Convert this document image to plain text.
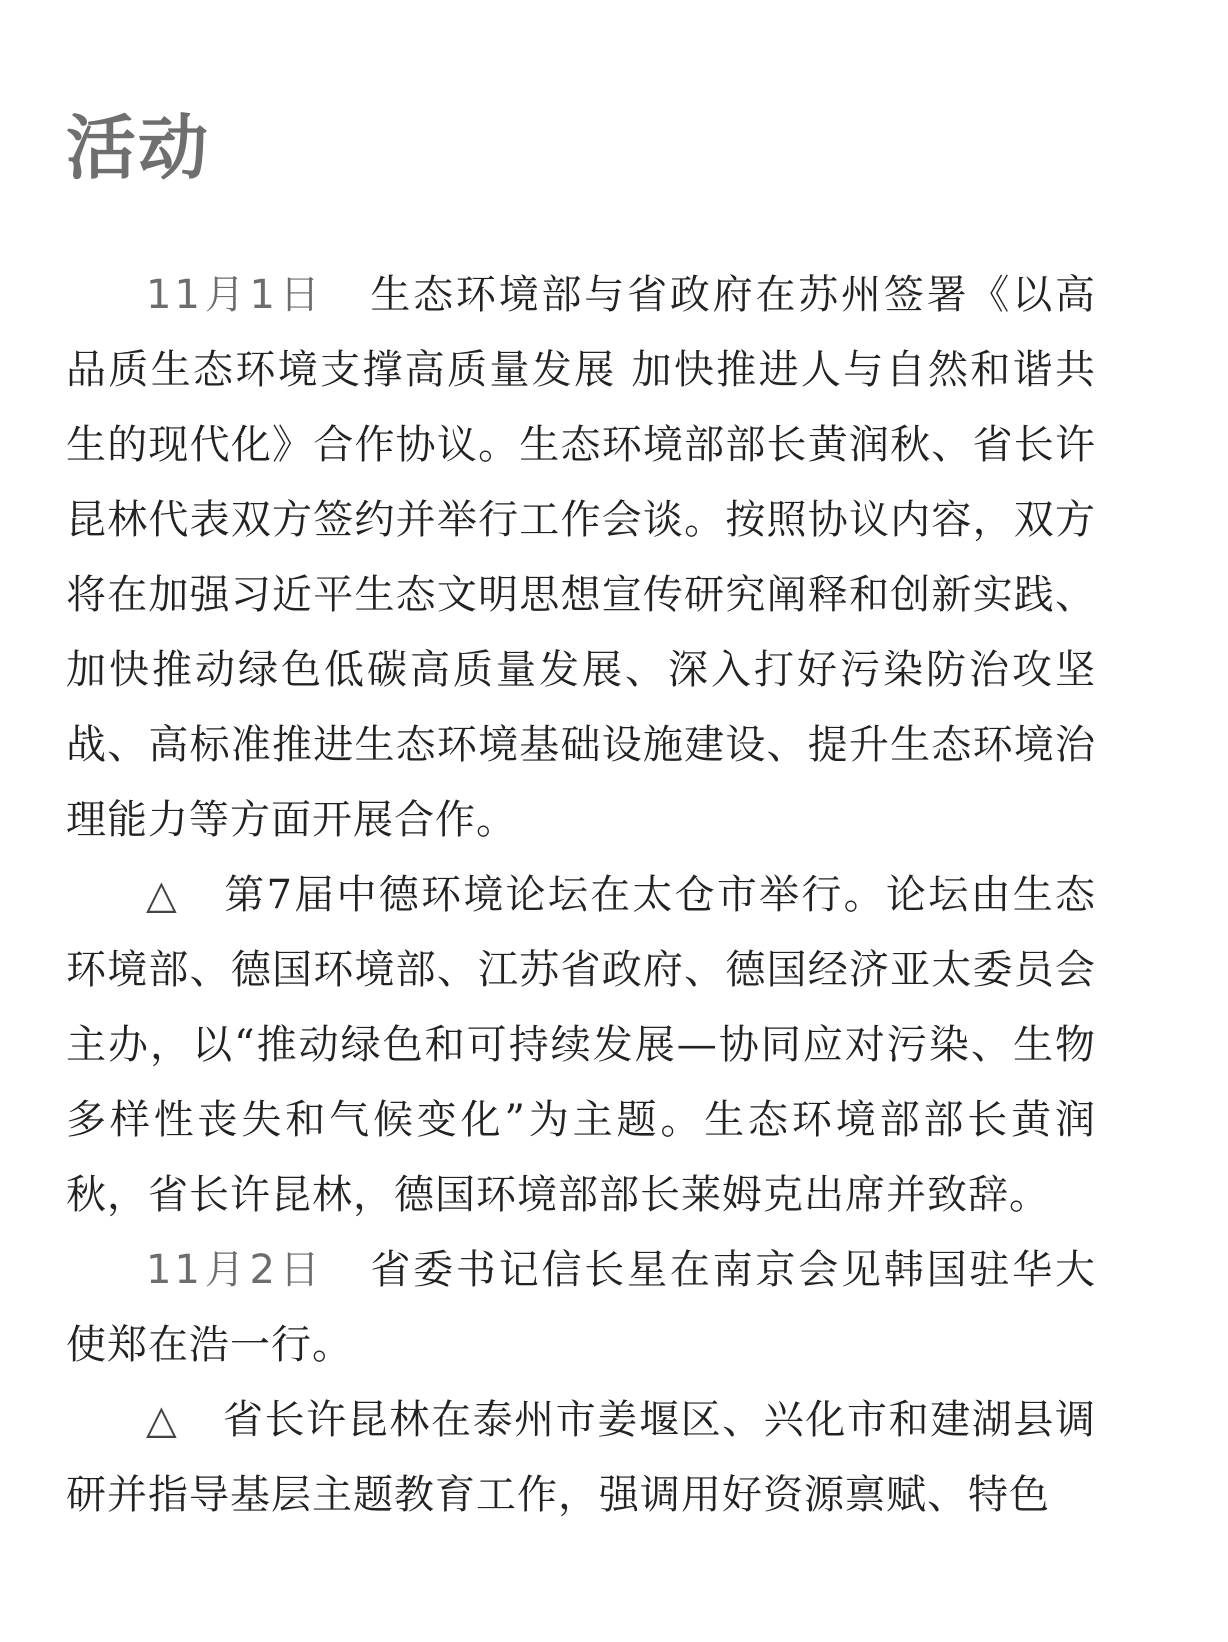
活动

11月1日 生态环境部与省政府在苏州签署《以高品质生态环境支撑高质量发展 加快推进人与自然和谐共生的现代化》合作协议。生态环境部部长黄润秋、省长许昆林代表双方签约并举行工作会谈。按照协议内容，双方将在加强习近平生态文明思想宣传研究阐释和创新实践、加快推动绿色低碳高质量发展、深入打好污染防治攻坚战、高标准推进生态环境基础设施建设、提升生态环境治理能力等方面开展合作。

△ 第7届中德环境论坛在太仓市举行。论坛由生态环境部、德国环境部、江苏省政府、德国经济亚太委员会主办，以“推动绿色和可持续发展—协同应对污染、生物多样性丧失和气候变化”为主题。生态环境部部长黄润秋，省长许昆林，德国环境部部长莱姆克出席并致辞。

11月2日 省委书记信长星在南京会见韩国驻华大使郑在浩一行。

△ 省长许昆林在泰州市姜堰区、兴化市和建湖县调研并指导基层主题教育工作，强调用好资源禀赋、特色
